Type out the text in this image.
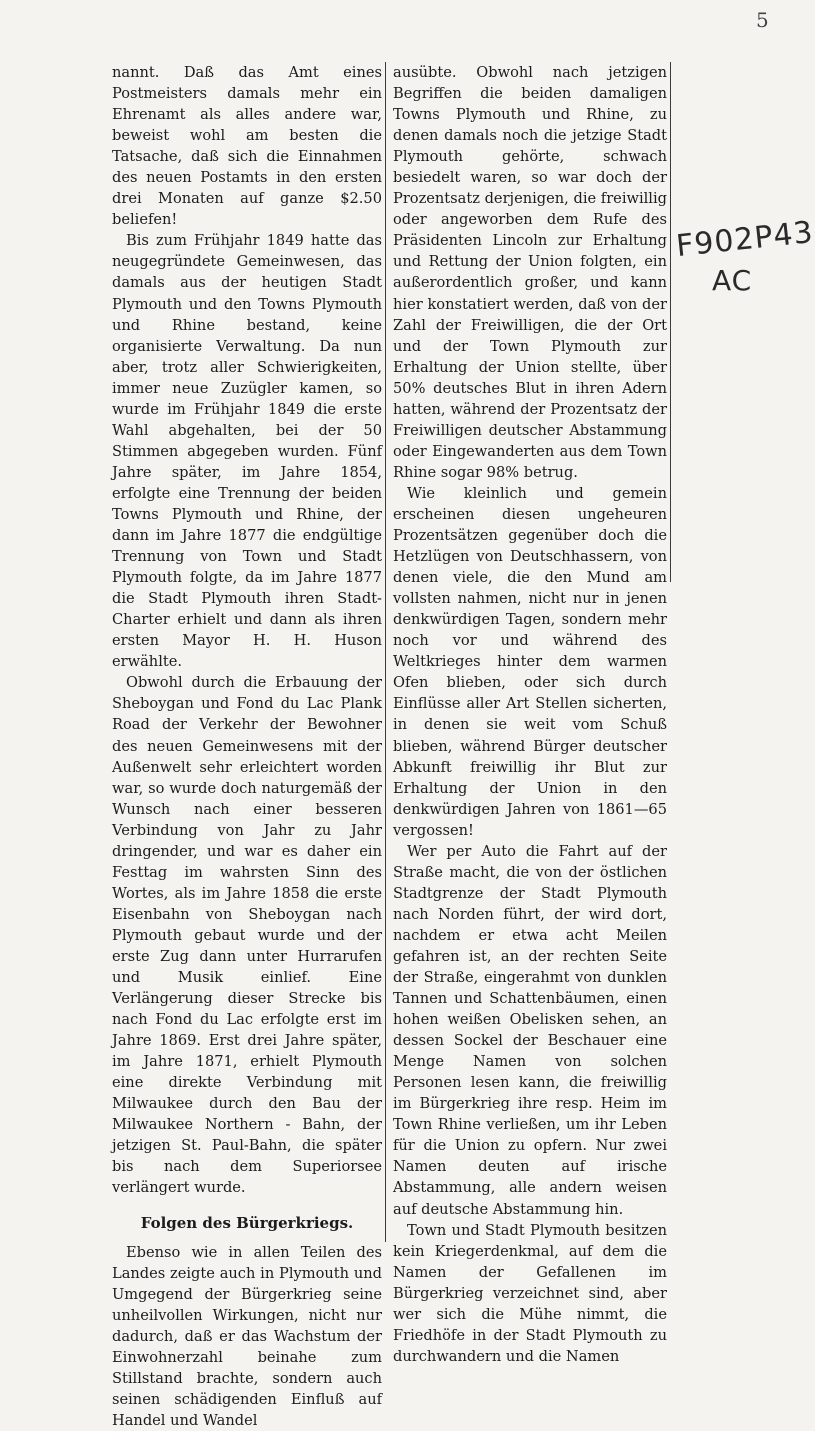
5

nannt. Daß das Amt eines Postmeisters damals mehr ein Ehrenamt als alles andere war, beweist wohl am besten die Tatsache, daß sich die Einnahmen des neuen Postamts in den ersten drei Monaten auf ganze $2.50 beliefen!

Bis zum Frühjahr 1849 hatte das neugegründete Gemeinwesen, das damals aus der heutigen Stadt Plymouth und den Towns Plymouth und Rhine bestand, keine organisierte Verwaltung. Da nun aber, trotz aller Schwierigkeiten, immer neue Zuzügler kamen, so wurde im Frühjahr 1849 die erste Wahl abgehalten, bei der 50 Stimmen abgegeben wurden. Fünf Jahre später, im Jahre 1854, erfolgte eine Trennung der beiden Towns Plymouth und Rhine, der dann im Jahre 1877 die endgültige Trennung von Town und Stadt Plymouth folgte, da im Jahre 1877 die Stadt Plymouth ihren Stadt-Charter erhielt und dann als ihren ersten Mayor H. H. Huson erwählte.

Obwohl durch die Erbauung der Sheboygan und Fond du Lac Plank Road der Verkehr der Bewohner des neuen Gemeinwesens mit der Außenwelt sehr erleichtert worden war, so wurde doch naturgemäß der Wunsch nach einer besseren Verbindung von Jahr zu Jahr dringender, und war es daher ein Festtag im wahrsten Sinn des Wortes, als im Jahre 1858 die erste Eisenbahn von Sheboygan nach Plymouth gebaut wurde und der erste Zug dann unter Hurrarufen und Musik einlief. Eine Verlängerung dieser Strecke bis nach Fond du Lac erfolgte erst im Jahre 1869. Erst drei Jahre später, im Jahre 1871, erhielt Plymouth eine direkte Verbindung mit Milwaukee durch den Bau der Milwaukee Northern - Bahn, der jetzigen St. Paul-Bahn, die später bis nach dem Superiorsee verlängert wurde.

Folgen des Bürgerkriegs.

Ebenso wie in allen Teilen des Landes zeigte auch in Plymouth und Umgegend der Bürgerkrieg seine unheilvollen Wirkungen, nicht nur dadurch, daß er das Wachstum der Einwohnerzahl beinahe zum Stillstand brachte, sondern auch seinen schädigenden Einfluß auf Handel und Wandel

ausübte. Obwohl nach jetzigen Begriffen die beiden damaligen Towns Plymouth und Rhine, zu denen damals noch die jetzige Stadt Plymouth gehörte, schwach besiedelt waren, so war doch der Prozentsatz derjenigen, die freiwillig oder angeworben dem Rufe des Präsidenten Lincoln zur Erhaltung und Rettung der Union folgten, ein außerordentlich großer, und kann hier konstatiert werden, daß von der Zahl der Freiwilligen, die der Ort und der Town Plymouth zur Erhaltung der Union stellte, über 50% deutsches Blut in ihren Adern hatten, während der Prozentsatz der Freiwilligen deutscher Abstammung oder Eingewanderten aus dem Town Rhine sogar 98% betrug.

Wie kleinlich und gemein erscheinen diesen ungeheuren Prozentsätzen gegenüber doch die Hetzlügen von Deutschhassern, von denen viele, die den Mund am vollsten nahmen, nicht nur in jenen denkwürdigen Tagen, sondern mehr noch vor und während des Weltkrieges hinter dem warmen Ofen blieben, oder sich durch Einflüsse aller Art Stellen sicherten, in denen sie weit vom Schuß blieben, während Bürger deutscher Abkunft freiwillig ihr Blut zur Erhaltung der Union in den denkwürdigen Jahren von 1861—65 vergossen!

Wer per Auto die Fahrt auf der Straße macht, die von der östlichen Stadtgrenze der Stadt Plymouth nach Norden führt, der wird dort, nachdem er etwa acht Meilen gefahren ist, an der rechten Seite der Straße, eingerahmt von dunklen Tannen und Schattenbäumen, einen hohen weißen Obelisken sehen, an dessen Sockel der Beschauer eine Menge Namen von solchen Personen lesen kann, die freiwillig im Bürgerkrieg ihre resp. Heim im Town Rhine verließen, um ihr Leben für die Union zu opfern. Nur zwei Namen deuten auf irische Abstammung, alle andern weisen auf deutsche Abstammung hin.

Town und Stadt Plymouth besitzen kein Kriegerdenkmal, auf dem die Namen der Gefallenen im Bürgerkrieg verzeichnet sind, aber wer sich die Mühe nimmt, die Friedhöfe in der Stadt Plymouth zu durchwandern und die Namen

F902P43
AC
